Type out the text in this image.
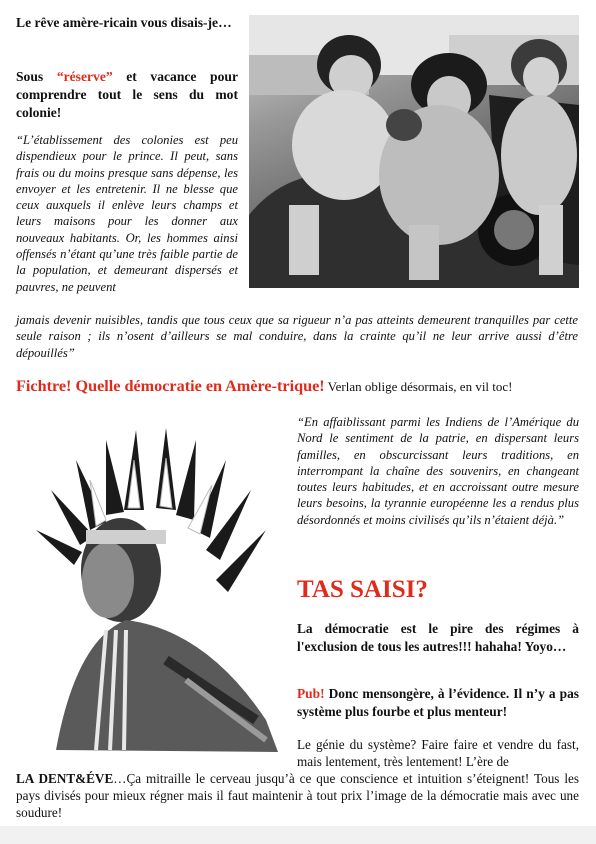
Le rêve amère-ricain vous disais-je…
Sous “réserve” et vacance pour comprendre tout le sens du mot colonie!
“L’établissement des colonies est peu dispendieux pour le prince. Il peut, sans frais ou du moins presque sans dépense, les envoyer et les entretenir. Il ne blesse que ceux auxquels il enlève leurs champs et leurs maisons pour les donner aux nouveaux habitants. Or, les hommes ainsi offensés n’étant qu’une très faible partie de la population, et demeurant dispersés et pauvres, ne peuvent
jamais devenir nuisibles, tandis que tous ceux que sa rigueur n’a pas atteints demeurent tranquilles par cette seule raison ; ils n’osent d’ailleurs se mal conduire, dans la crainte qu’il ne leur arrive aussi d’être dépouillés”
Fichtre! Quelle démocratie en Amère-trique! Verlan oblige désormais, en vil toc!
“En affaiblissant parmi les Indiens de l’Amérique du Nord le sentiment de la patrie, en dispersant leurs familles, en obscurcissant leurs traditions, en interrompant la chaîne des souvenirs, en changeant toutes leurs habitudes, et en accroissant outre mesure leurs besoins, la tyrannie européenne les a rendus plus désordonnés et moins civilisés qu’ils n’étaient déjà.”
TAS SAISI?
La démocratie est le pire des régimes à l'exclusion de tous les autres!!! hahaha! Yoyo…
Pub! Donc mensongère, à l’évidence. Il n’y a pas système plus fourbe et plus menteur!
Le génie du système? Faire faire et vendre du fast, mais lentement, très lentement! L’ère de
LA DENT&ÉVE…Ça mitraille le cerveau jusqu’à ce que conscience et intuition s’éteignent! Tous les pays divisés pour mieux régner mais il faut maintenir à tout prix l’image de la démocratie mais avec une soudure!
